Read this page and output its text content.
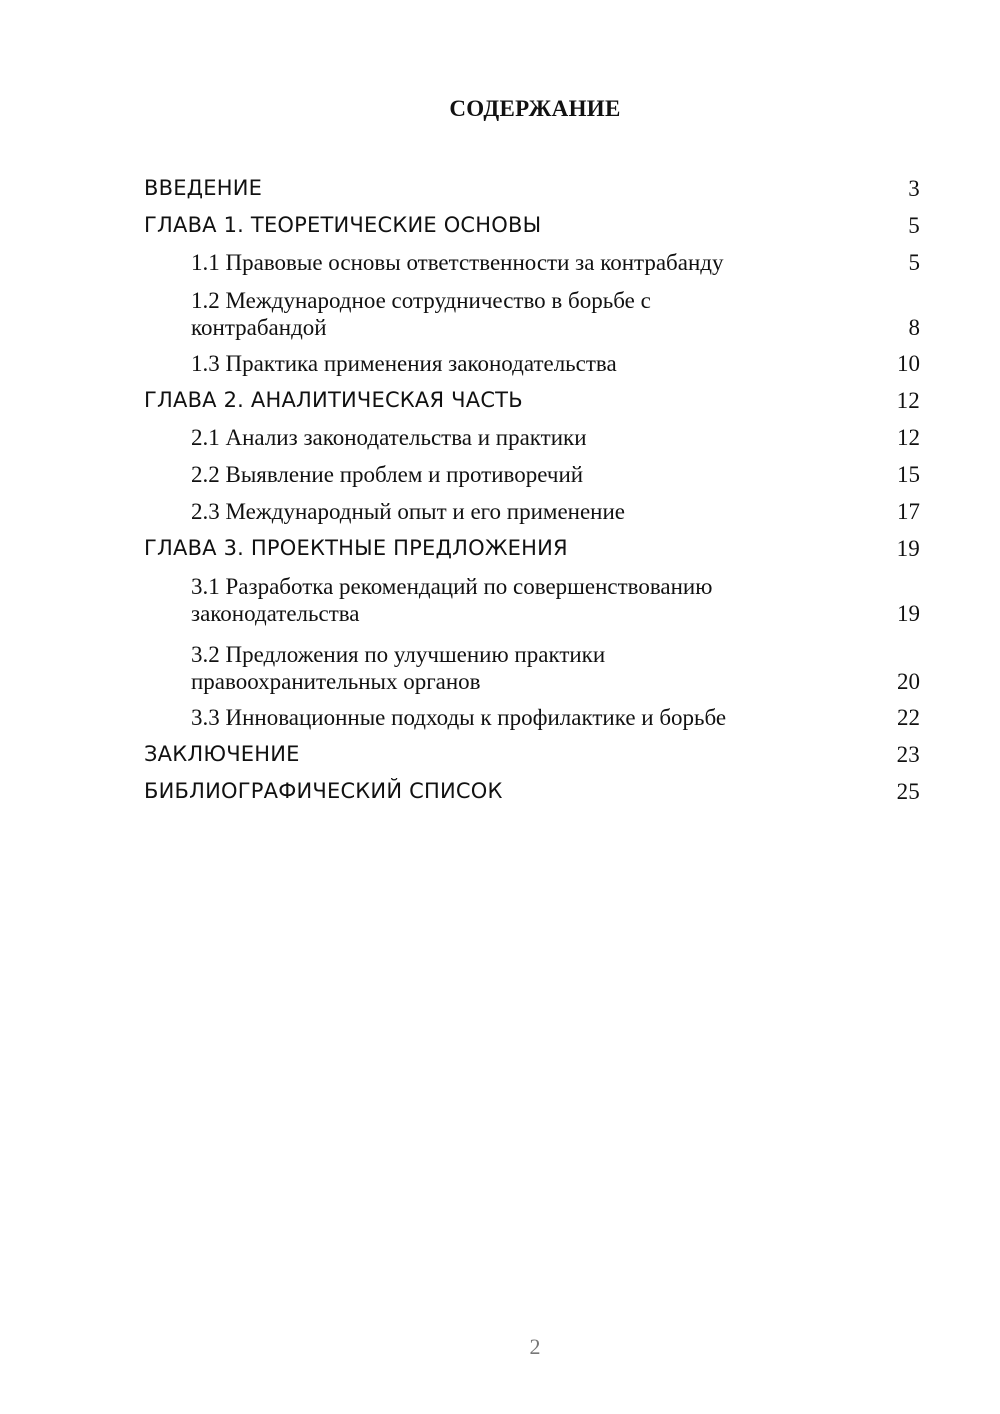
СОДЕРЖАНИЕ
ВВЕДЕНИЕ	3
ГЛАВА 1. ТЕОРЕТИЧЕСКИЕ ОСНОВЫ	5
1.1 Правовые основы ответственности за контрабанду	5
1.2 Международное сотрудничество в борьбе с контрабандой	8
1.3 Практика применения законодательства	10
ГЛАВА 2. АНАЛИТИЧЕСКАЯ ЧАСТЬ	12
2.1 Анализ законодательства и практики	12
2.2 Выявление проблем и противоречий	15
2.3 Международный опыт и его применение	17
ГЛАВА 3. ПРОЕКТНЫЕ ПРЕДЛОЖЕНИЯ	19
3.1 Разработка рекомендаций по совершенствованию законодательства	19
3.2 Предложения по улучшению практики правоохранительных органов	20
3.3 Инновационные подходы к профилактике и борьбе	22
ЗАКЛЮЧЕНИЕ	23
БИБЛИОГРАФИЧЕСКИЙ СПИСОК	25
2
